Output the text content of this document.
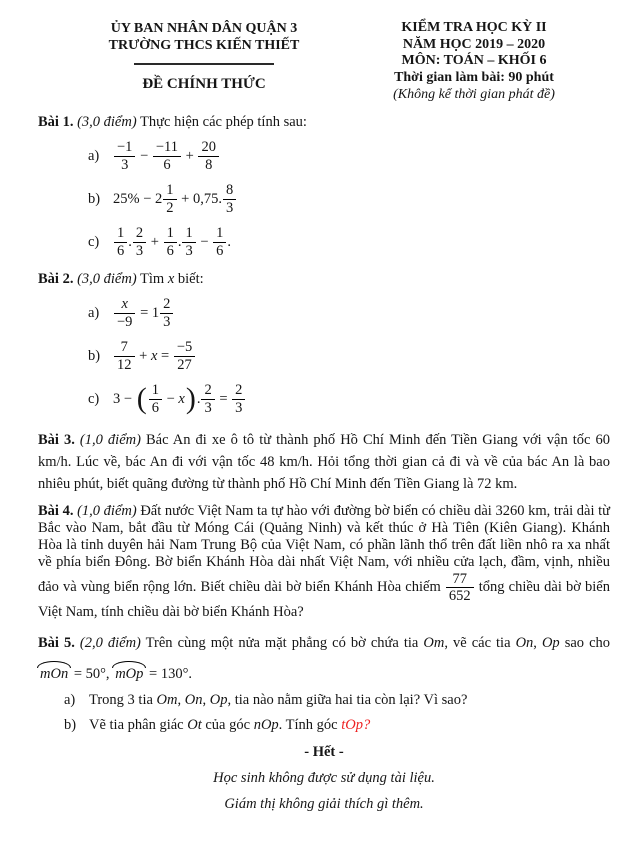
ỦY BAN NHÂN DÂN QUẬN 3
TRƯỜNG THCS KIẾN THIẾT
ĐỀ CHÍNH THỨC
KIỂM TRA HỌC KỲ II
NĂM HỌC 2019 – 2020
MÔN: TOÁN – KHỐI 6
Thời gian làm bài: 90 phút
(Không kể thời gian phát đề)

Bài 1. (3,0 điểm) Thực hiện các phép tính sau:

a)	$\frac{-1}{3} - \frac{-11}{6} + \frac{20}{8}$
b) $25\% - 2 \frac{1}{2} + 0,75$. $\frac{8}{3}$
c)	$\frac{1}{6}$ . $\frac{2}{3} + \frac{1}{6}$ . $\frac{1}{3} - \frac{1}{6}$ .

Bài 2. (3,0 điểm) Tìm x biết:

a)	$\frac{x}{-9} = 1 \frac{2}{3}$
$b) \frac{7}{12} + x = \frac{-5}{27}$
c) 3 − ( $\frac{1}{6} - x$ ) . $\frac{2}{3} = \frac{2}{3}$

Bài 3. (1,0 điểm) Bác An đi xe ô tô từ thành phố Hồ Chí Minh đến Tiền Giang với vận tốc 60 km/h. Lúc về, bác An đi với vận tốc 48 km/h. Hỏi tổng thời gian cả đi và về của bác An là bao nhiêu phút, biết quãng đường từ thành phố Hồ Chí Minh đến Tiền Giang là 72 km.

Bài 4. (1,0 điểm) Đất nước Việt Nam ta tự hào với đường bờ biển có chiều dài 3260 km, trải dài từ Bắc vào Nam, bắt đầu từ Móng Cái (Quảng Ninh) và kết thúc ở Hà Tiên (Kiên Giang). Khánh Hòa là tỉnh duyên hải Nam Trung Bộ của Việt Nam, có phần lãnh thổ trên đất liền nhô ra xa nhất về phía biển Đông. Bờ biển Khánh Hòa dài nhất Việt Nam, với nhiều cửa lạch, đầm, vịnh, nhiều đảo và vùng biển rộng lớn. Biết chiều dài bờ biển Khánh Hòa chiếm $\frac{77}{652}$ tổng chiều dài bờ biển Việt Nam, tính chiều dài bờ biển Khánh Hòa?

Bài 5. (2,0 điểm) Trên cùng một nửa mặt phẳng có bờ chứa tia Om, vẽ các tia On, Op sao cho
mOn = 50°, mOp = 130°.
a) Trong 3 tia Om , On , Op , tia nào nằm giữa hai tia còn lại? Vì sao?
b) Vẽ tia phân giác Ot của góc nOp . Tính góc tOp?
- Hết -
Học sinh không được sử dụng tài liệu.
Giám thị không giải thích gì thêm.
